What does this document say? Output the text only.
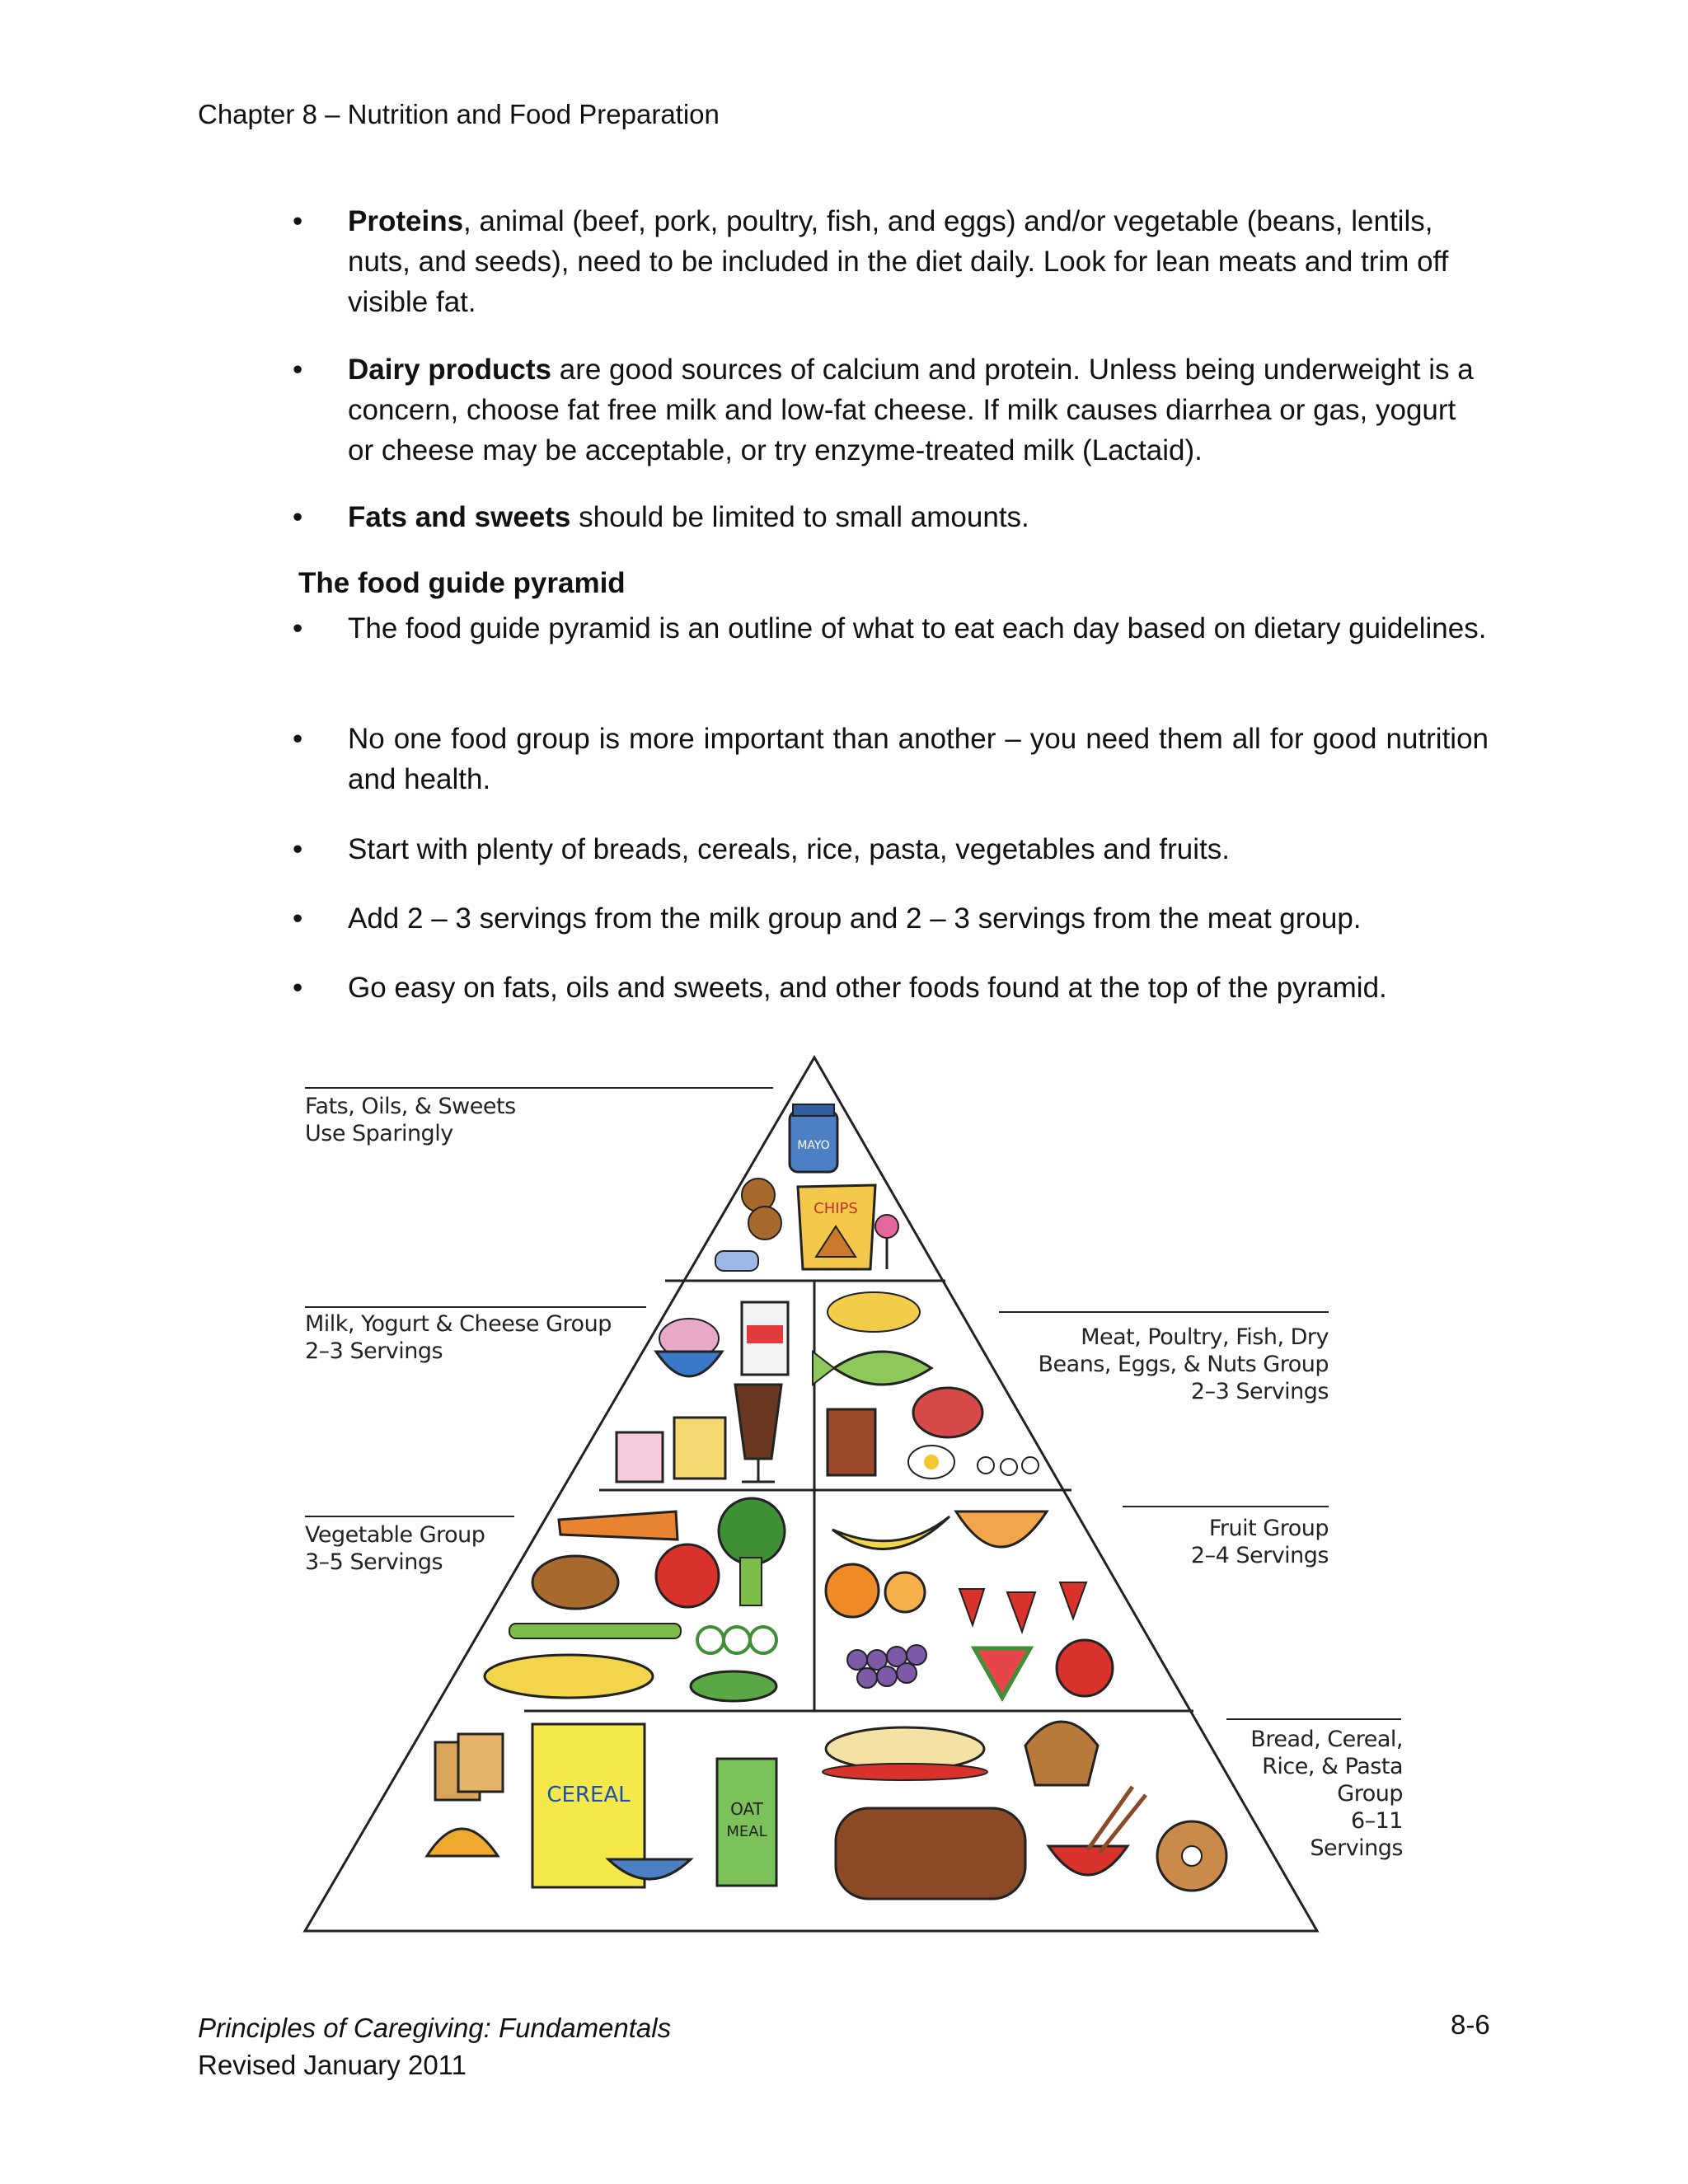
Chapter 8 – Nutrition and Food Preparation
• Proteins, animal (beef, pork, poultry, fish, and eggs) and/or vegetable (beans, lentils, nuts, and seeds), need to be included in the diet daily. Look for lean meats and trim off visible fat.
• Dairy products are good sources of calcium and protein. Unless being underweight is a concern, choose fat free milk and low-fat cheese. If milk causes diarrhea or gas, yogurt or cheese may be acceptable, or try enzyme-treated milk (Lactaid).
• Fats and sweets should be limited to small amounts.
The food guide pyramid
• The food guide pyramid is an outline of what to eat each day based on dietary guidelines.
• No one food group is more important than another – you need them all for good nutrition and health.
• Start with plenty of breads, cereals, rice, pasta, vegetables and fruits.
• Add 2 – 3 servings from the milk group and 2 – 3 servings from the meat group.
• Go easy on fats, oils and sweets, and other foods found at the top of the pyramid.
MAYO
CHIPS
CEREAL
OAT
MEAL
Fats, Oils, & Sweets
Use Sparingly
Milk, Yogurt & Cheese Group
2–3 Servings
Meat, Poultry, Fish, Dry
Beans, Eggs, & Nuts Group
2–3 Servings
Vegetable Group
3–5 Servings
Fruit Group
2–4 Servings
Bread, Cereal,
Rice, & Pasta
Group
6–11
Servings
Principles of Caregiving: Fundamentals
Revised January 2011
8-6
